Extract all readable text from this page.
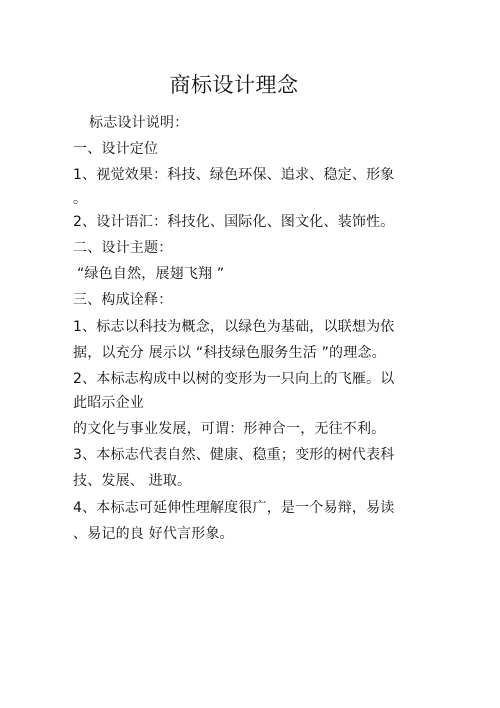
商标设计理念
标志设计说明：
一、设计定位
1、视觉效果：科技、绿色环保、追求、稳定、形象
。
2、设计语汇：科技化、国际化、图文化、装饰性。
二、设计主题：
“绿色自然，展翅飞翔 ”
三、构成诠释：
1、标志以科技为概念，以绿色为基础，以联想为依
据，以充分 展示以 “科技绿色服务生活 ”的理念。
2、本标志构成中以树的变形为一只向上的飞雁。以
此昭示企业
的文化与事业发展，可谓：形神合一，无往不利。
3、本标志代表自然、健康、稳重；变形的树代表科
技、发展、 进取。
4、本标志可延伸性理解度很广，是一个易辩，易读
、易记的良 好代言形象。
